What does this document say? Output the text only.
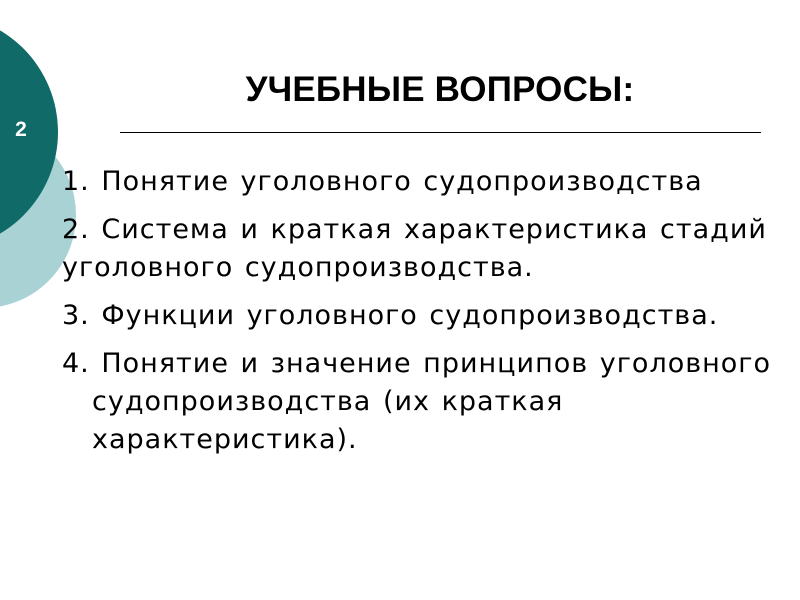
2
УЧЕБНЫЕ ВОПРОСЫ:
1. Понятие уголовного судопроизводства
2. Система и краткая характеристика стадий уголовного судопроизводства.
3. Функции уголовного судопроизводства.
4. Понятие и значение принципов уголовного судопроизводства (их краткая характеристика).
